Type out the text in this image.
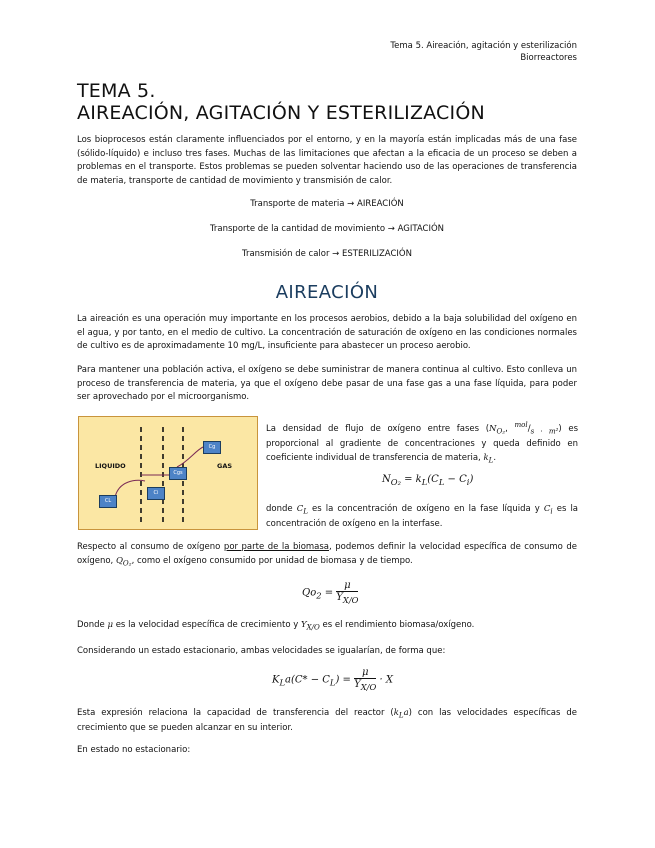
Tema 5. Aireación, agitación y esterilización
Biorreactores
TEMA 5.
AIREACIÓN, AGITACIÓN Y ESTERILIZACIÓN

Los bioprocesos están claramente influenciados por el entorno, y en la mayoría están implicadas más de una fase (sólido-líquido) e incluso tres fases. Muchas de las limitaciones que afectan a la eficacia de un proceso se deben a problemas en el transporte. Estos problemas se pueden solventar haciendo uso de las operaciones de transferencia de materia, transporte de cantidad de movimiento y transmisión de calor.

Transporte de materia → AIREACIÓN
Transporte de la cantidad de movimiento → AGITACIÓN
Transmisión de calor → ESTERILIZACIÓN
AIREACIÓN

La aireación es una operación muy importante en los procesos aerobios, debido a la baja solubilidad del oxígeno en el agua, y por tanto, en el medio de cultivo. La concentración de saturación de oxígeno en las condiciones normales de cultivo es de aproximadamente 10 mg/L, insuficiente para abastecer un proceso aerobio.

Para mantener una población activa, el oxígeno se debe suministrar de manera continua al cultivo. Esto conlleva un proceso de transferencia de materia, ya que el oxígeno debe pasar de una fase gas a una fase líquida, para poder ser aprovechado por el microorganismo.

LIQUIDO	GAS
Cg
Cgs
Ci
CL
La densidad de flujo de oxígeno entre fases ($N_{O_2}$, $^{mol}/_{s \cdot m^2}$) es proporcional al gradiente de concentraciones y queda definido en coeficiente individual de transferencia de materia, $k_L$.
$N_{O_2} = k_L(C_L - C_i)$
donde $C_L$ es la concentración de oxígeno en la fase líquida y $C_i$ es la concentración de oxígeno en la interfase.

Respecto al consumo de oxígeno por parte de la biomasa, podemos definir la velocidad específica de consumo de oxígeno, $Q_{O_2}$, como el oxígeno consumido por unidad de biomasa y de tiempo.

$Qo_2 = \frac{\mu}{Y_{X/O}}$

Donde μ es la velocidad específica de crecimiento y $Y_{X/O}$ es el rendimiento biomasa/oxígeno.

Considerando un estado estacionario, ambas velocidades se igualarían, de forma que:

$K_La(C* - C_L) = \frac{\mu}{Y_{X/O}} \cdot X$

Esta expresión relaciona la capacidad de transferencia del reactor $(k_La)$ con las velocidades específicas de crecimiento que se pueden alcanzar en su interior.

En estado no estacionario:
